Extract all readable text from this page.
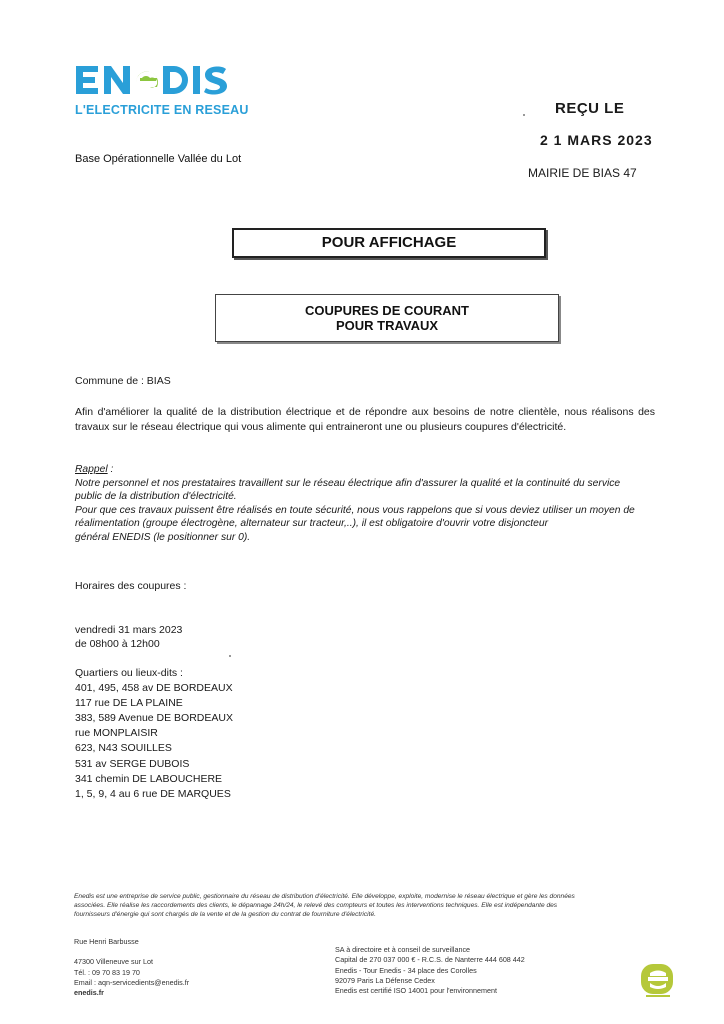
L'ELECTRICITE EN RESEAU
Base Opérationnelle Vallée du Lot
REÇU LE
2 1 MARS 2023
MAIRIE DE BIAS 47
POUR AFFICHAGE
COUPURES DE COURANT
POUR TRAVAUX
Commune de : BIAS
Afin d'améliorer la qualité de la distribution électrique et de répondre aux besoins de notre clientèle, nous réalisons des travaux sur le réseau électrique qui vous alimente qui entraineront une ou plusieurs coupures d'électricité.
Rappel :
Notre personnel et nos prestataires travaillent sur le réseau électrique afin d'assurer la qualité et la continuité du service
public de la distribution d'électricité.
Pour que ces travaux puissent être réalisés en toute sécurité, nous vous rappelons que si vous deviez utiliser un moyen de
réalimentation (groupe électrogène, alternateur sur tracteur,..), il est obligatoire d'ouvrir votre disjoncteur
général ENEDIS (le positionner sur 0).
Horaires des coupures :
vendredi 31 mars 2023
de 08h00 à 12h00
Quartiers ou lieux-dits :
401, 495, 458 av DE BORDEAUX
117 rue DE LA PLAINE
383, 589 Avenue DE BORDEAUX
rue MONPLAISIR
623, N43 SOUILLES
531 av SERGE DUBOIS
341 chemin DE LABOUCHERE
1, 5, 9, 4 au 6 rue DE MARQUES
Enedis est une entreprise de service public, gestionnaire du réseau de distribution d'électricité. Elle développe, exploite, modernise le réseau électrique et gère les données
associées. Elle réalise les raccordements des clients, le dépannage 24h/24, le relevé des compteurs et toutes les interventions techniques. Elle est indépendante des
fournisseurs d'énergie qui sont chargés de la vente et de la gestion du contrat de fourniture d'électricité.
Rue Henri Barbusse
47300 Villeneuve sur Lot
Tél. : 09 70 83 19 70
Email : aqn-servicedients@enedis.fr
enedis.fr
SA à directoire et à conseil de surveillance
Capital de 270 037 000 € - R.C.S. de Nanterre 444 608 442
Enedis - Tour Enedis - 34 place des Corolles
92079 Paris La Défense Cedex
Enedis est certifié ISO 14001 pour l'environnement
